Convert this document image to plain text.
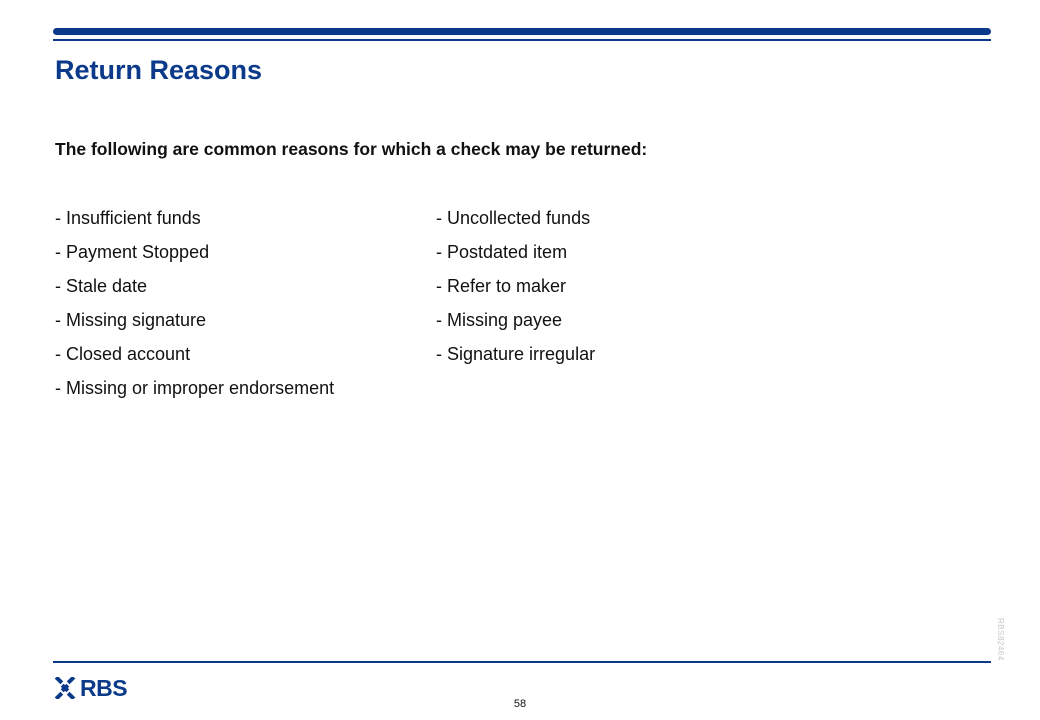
Return Reasons
The following are common reasons for which a check may be returned:
- Insufficient funds
- Payment Stopped
- Stale date
- Missing signature
- Closed account
- Missing or improper endorsement
- Uncollected funds
- Postdated item
- Refer to maker
- Missing payee
- Signature irregular
RBS82464
RBS
58
